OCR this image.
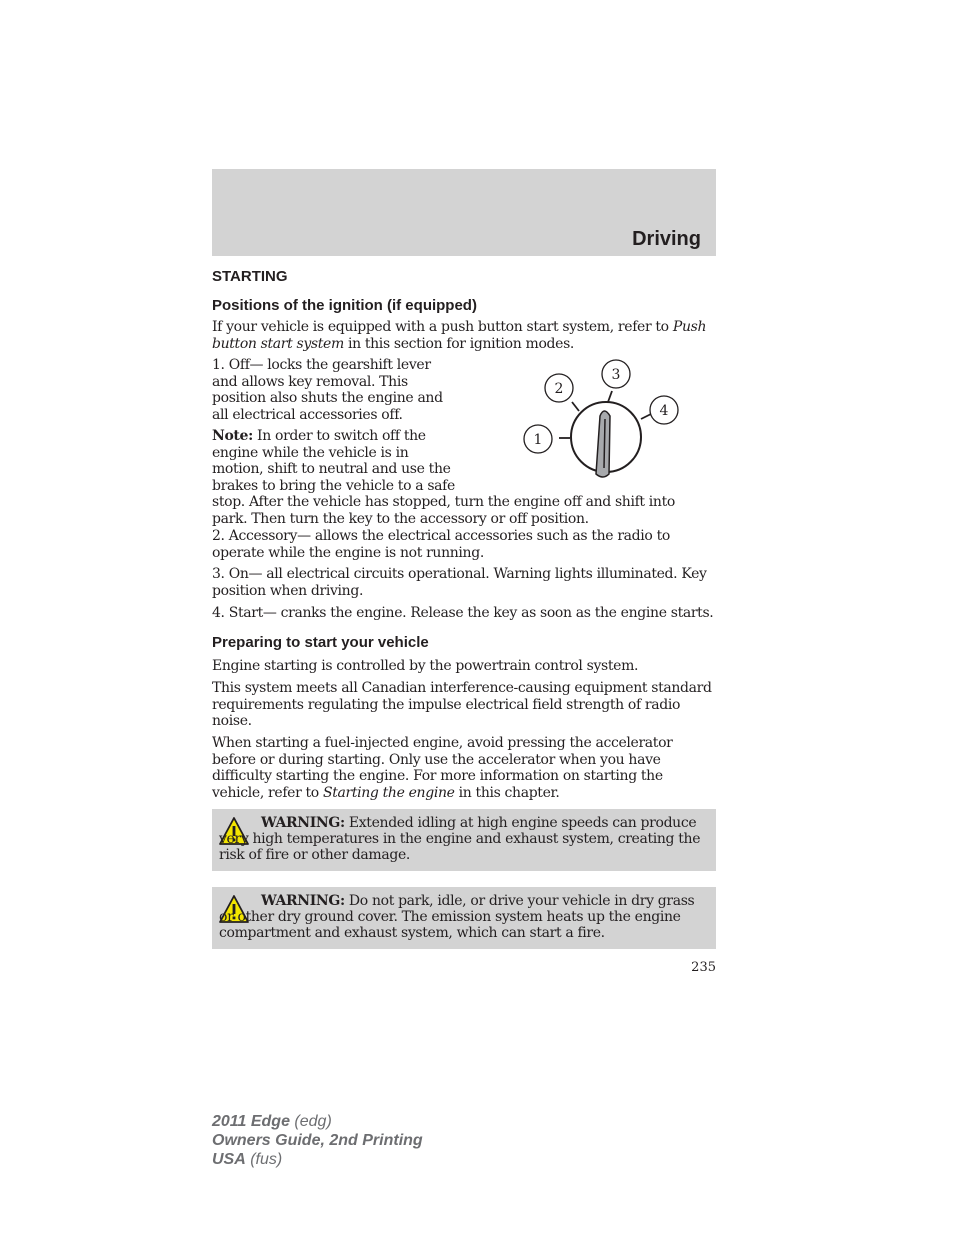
Driving
STARTING
Positions of the ignition (if equipped)

If your vehicle is equipped with a push button start system, refer to Push button start system in this section for ignition modes.

1. Off— locks the gearshift lever
and allows key removal. This
position also shuts the engine and
all electrical accessories off.

Note: In order to switch off the
engine while the vehicle is in
motion, shift to neutral and use the
brakes to bring the vehicle to a safe
stop. After the vehicle has stopped, turn the engine off and shift into
park. Then turn the key to the accessory or off position.

1
2
3
4

2. Accessory— allows the electrical accessories such as the radio to operate while the engine is not running.

3. On— all electrical circuits operational. Warning lights illuminated. Key position when driving.

4. Start— cranks the engine. Release the key as soon as the engine starts.

Preparing to start your vehicle

Engine starting is controlled by the powertrain control system.

This system meets all Canadian interference-causing equipment standard requirements regulating the impulse electrical field strength of radio noise.

When starting a fuel-injected engine, avoid pressing the accelerator before or during starting. Only use the accelerator when you have difficulty starting the engine. For more information on starting the vehicle, refer to Starting the engine in this chapter.

WARNING: Extended idling at high engine speeds can produce very high temperatures in the engine and exhaust system, creating the risk of fire or other damage.

WARNING: Do not park, idle, or drive your vehicle in dry grass or other dry ground cover. The emission system heats up the engine compartment and exhaust system, which can start a fire.

235
2011 Edge (edg)
Owners Guide, 2nd Printing
USA (fus)
